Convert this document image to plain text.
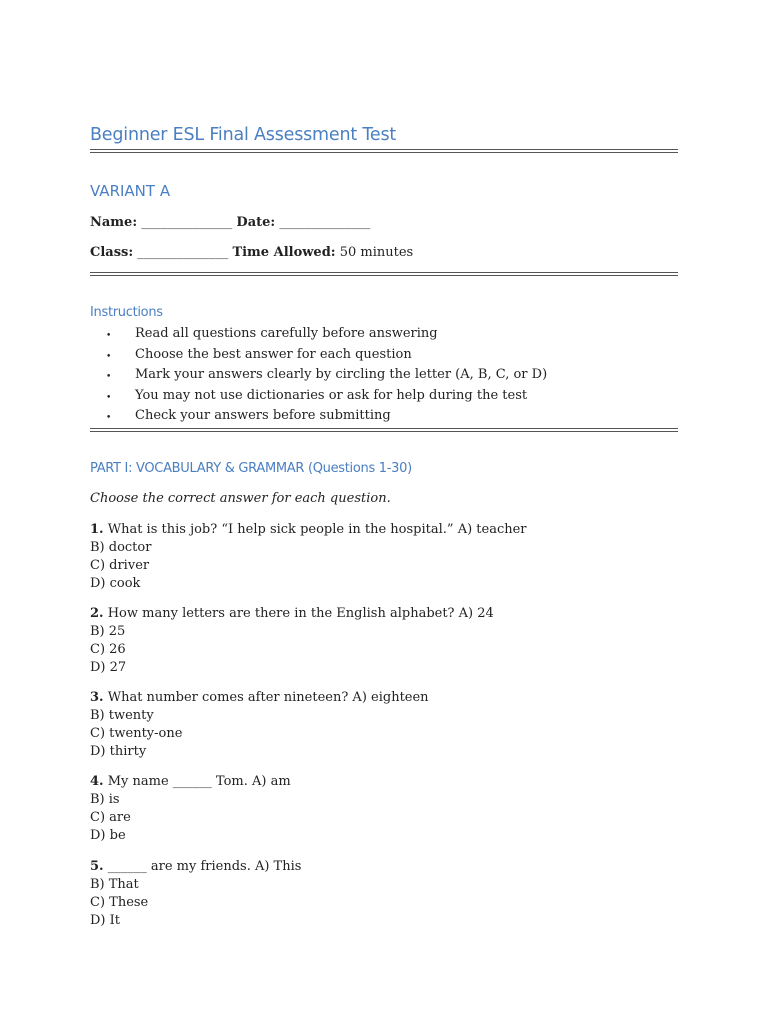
Beginner ESL Final Assessment Test
VARIANT A
Name: ______________ Date: ______________
Class: ______________ Time Allowed: 50 minutes
Instructions
• Read all questions carefully before answering
• Choose the best answer for each question
• Mark your answers clearly by circling the letter (A, B, C, or D)
• You may not use dictionaries or ask for help during the test
• Check your answers before submitting
PART I: VOCABULARY & GRAMMAR (Questions 1-30)
Choose the correct answer for each question.
1. What is this job? “I help sick people in the hospital.” A) teacher
B) doctor
C) driver
D) cook
2. How many letters are there in the English alphabet? A) 24
B) 25
C) 26
D) 27
3. What number comes after nineteen? A) eighteen
B) twenty
C) twenty-one
D) thirty
4. My name ______ Tom. A) am
B) is
C) are
D) be
5. ______ are my friends. A) This
B) That
C) These
D) It
